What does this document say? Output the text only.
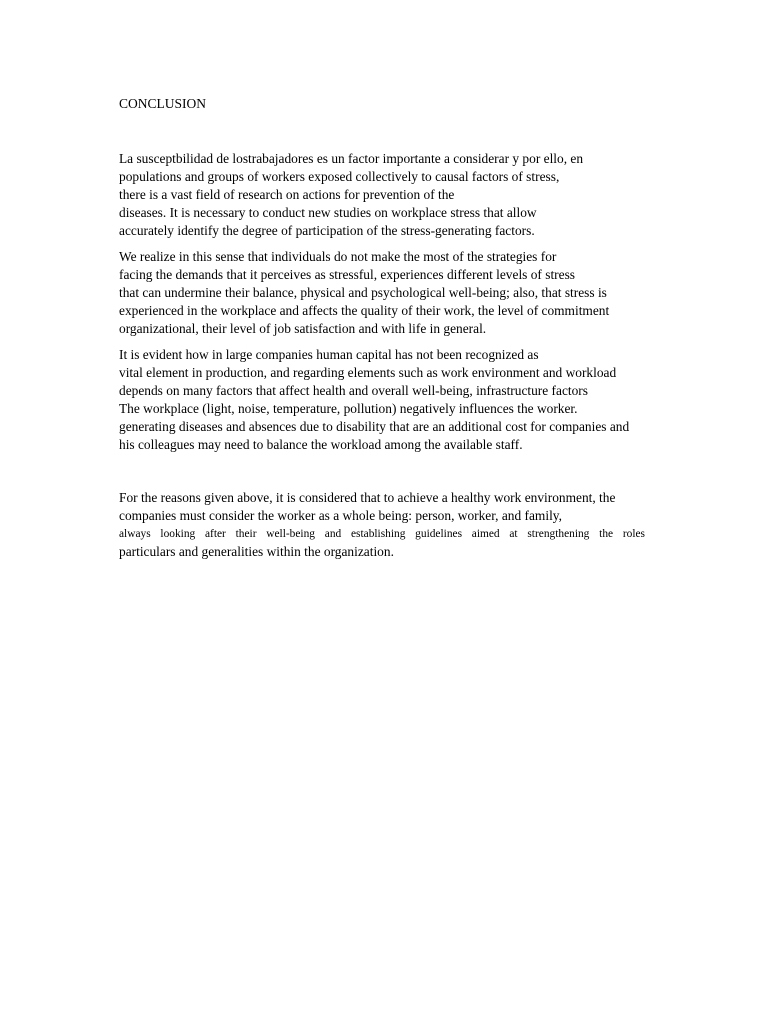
CONCLUSION
La susceptbilidad de lostrabajadores es un factor importante a considerar y por ello, en
populations and groups of workers exposed collectively to causal factors of stress,
there is a vast field of research on actions for prevention of the
diseases. It is necessary to conduct new studies on workplace stress that allow
accurately identify the degree of participation of the stress-generating factors.
We realize in this sense that individuals do not make the most of the strategies for
facing the demands that it perceives as stressful, experiences different levels of stress
that can undermine their balance, physical and psychological well-being; also, that stress is
experienced in the workplace and affects the quality of their work, the level of commitment
organizational, their level of job satisfaction and with life in general.
It is evident how in large companies human capital has not been recognized as
vital element in production, and regarding elements such as work environment and workload
depends on many factors that affect health and overall well-being, infrastructure factors
The workplace (light, noise, temperature, pollution) negatively influences the worker.
generating diseases and absences due to disability that are an additional cost for companies and
his colleagues may need to balance the workload among the available staff.
For the reasons given above, it is considered that to achieve a healthy work environment, the
companies must consider the worker as a whole being: person, worker, and family,
always looking after their well-being and establishing guidelines aimed at strengthening the roles
particulars and generalities within the organization.
